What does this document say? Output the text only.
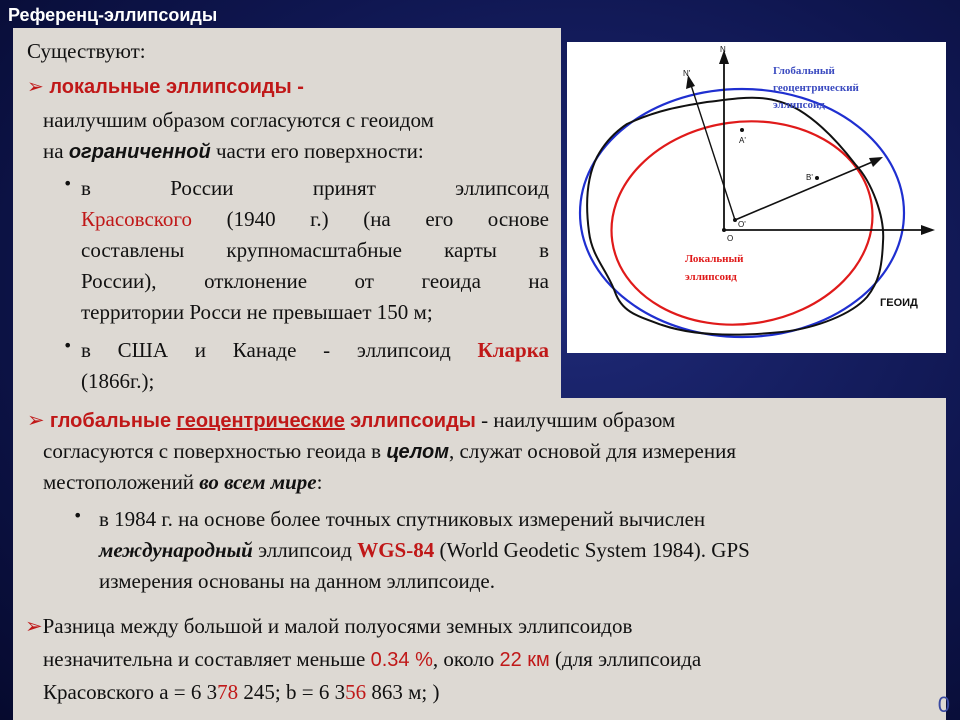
Референц-эллипсоиды
Существуют:
➢ локальные эллипсоиды -
наилучшим образом согласуются с геоидом
на ограниченной части его поверхности:
• в России принят эллипсоид
Красовского (1940 г.) (на его основе
составлены крупномасштабные карты в
России), отклонение от геоида на
территории Росси не превышает 150 м;
• в США и Канаде - эллипсоид Кларка
(1866г.);
N
N'
A'
B'
O'
O
Глобальный
геоцентрический
эллипсоид
Локальный
эллипсоид
ГЕОИД
➢ глобальные геоцентрические эллипсоиды - наилучшим образом
согласуются с поверхностью геоида в целом, служат основой для измерения
местоположений во всем мире:
• в 1984 г. на основе более точных спутниковых измерений вычислен
международный эллипсоид WGS-84 (World Geodetic System 1984). GPS
измерения основаны на данном эллипсоиде.
➢Разница между большой и малой полуосями земных эллипсоидов
незначительна и составляет меньше 0.34 %, около 22 км (для эллипсоида
Красовского а = 6 378 245; b = 6 356 863 м; )	0
